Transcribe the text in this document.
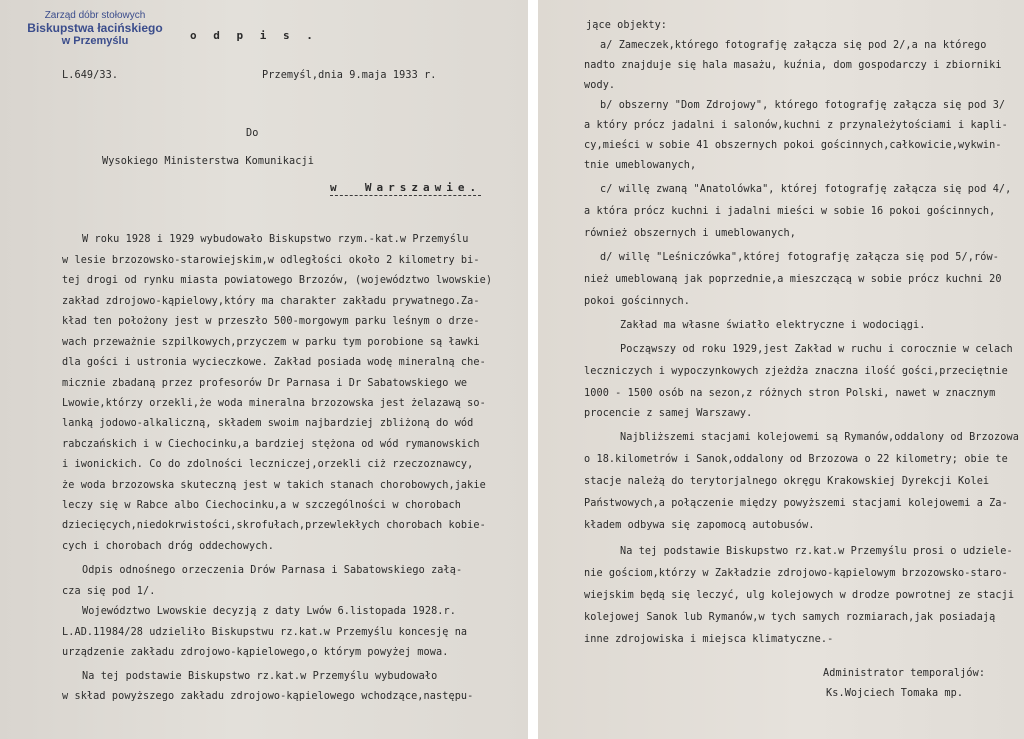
Zarząd dóbr stołowych
Biskupstwa łacińskiego
w Przemyślu	o d p i s .
L.649/33.	Przemyśl,dnia 9.maja 1933 r.
Do
Wysokiego Ministerstwa Komunikacji
w  Warszawie.
W roku 1928 i 1929 wybudowało Biskupstwo rzym.-kat.w Przemyślu
w lesie brzozowsko-starowiejskim,w odległości około 2 kilometry bi-
tej drogi od rynku miasta powiatowego Brzozów, (województwo lwowskie)
zakład zdrojowo-kąpielowy,który ma charakter zakładu prywatnego.Za-
kład ten położony jest w przeszło 500-morgowym parku leśnym o drze-
wach przeważnie szpilkowych,przyczem w parku tym porobione są ławki
dla gości i ustronia wycieczkowe. Zakład posiada wodę mineralną che-
micznie zbadaną przez profesorów Dr Parnasa i Dr Sabatowskiego we
Lwowie,którzy orzekli,że woda mineralna brzozowska jest żelazawą so-
lanką jodowo-alkaliczną, składem swoim najbardziej zbliżoną do wód
rabczańskich i w Ciechocinku,a bardziej stężona od wód rymanowskich
i iwonickich. Co do zdolności leczniczej,orzekli ciż rzeczoznawcy,
że woda brzozowska skuteczną jest w takich stanach chorobowych,jakie
leczy się w Rabce albo Ciechocinku,a w szczególności w chorobach
dziecięcych,niedokrwistości,skrofułach,przewlekłych chorobach kobie-
cych i chorobach dróg oddechowych.
Odpis odnośnego orzeczenia Drów Parnasa i Sabatowskiego załą-
cza się pod 1/.
Województwo Lwowskie decyzją z daty Lwów 6.listopada 1928.r.
L.AD.11984/28 udzieliło Biskupstwu rz.kat.w Przemyślu koncesję na
urządzenie zakładu zdrojowo-kąpielowego,o którym powyżej mowa.
Na tej podstawie Biskupstwo rz.kat.w Przemyślu wybudowało
w skład powyższego zakładu zdrojowo-kąpielowego wchodzące,następu-
jące objekty:
a/ Zameczek,którego fotografję załącza się pod 2/,a na którego
nadto znajduje się hala masażu, kuźnia, dom gospodarczy i zbiorniki
wody.
b/ obszerny "Dom Zdrojowy", którego fotografję załącza się pod 3/
a który prócz jadalni i salonów,kuchni z przynależytościami i kapli-
cy,mieści w sobie 41 obszernych pokoi gościnnych,całkowicie,wykwin-
tnie umeblowanych,
c/ willę zwaną "Anatolówka", której fotografję załącza się pod 4/,
a która prócz kuchni i jadalni mieści w sobie 16 pokoi gościnnych,
również obszernych i umeblowanych,
d/ willę "Leśniczówka",której fotografję załącza się pod 5/,rów-
nież umeblowaną jak poprzednie,a mieszczącą w sobie prócz kuchni 20
pokoi gościnnych.
Zakład ma własne światło elektryczne i wodociągi.
Począwszy od roku 1929,jest Zakład w ruchu i corocznie w celach
leczniczych i wypoczynkowych zjeżdża znaczna ilość gości,przeciętnie
1000 - 1500 osób na sezon,z różnych stron Polski, nawet w znacznym
procencie z samej Warszawy.
Najbliższemi stacjami kolejowemi są Rymanów,oddalony od Brzozowa
o 18.kilometrów i Sanok,oddalony od Brzozowa o 22 kilometry; obie te
stacje należą do terytorjalnego okręgu Krakowskiej Dyrekcji Kolei
Państwowych,a połączenie między powyższemi stacjami kolejowemi a Za-
kładem odbywa się zapomocą autobusów.
Na tej podstawie Biskupstwo rz.kat.w Przemyślu prosi o udziele-
nie gościom,którzy w Zakładzie zdrojowo-kąpielowym brzozowsko-staro-
wiejskim będą się leczyć, ulg kolejowych w drodze powrotnej ze stacji
kolejowej Sanok lub Rymanów,w tych samych rozmiarach,jak posiadają
inne zdrojowiska i miejsca klimatyczne.-
Administrator temporaljów:
Ks.Wojciech Tomaka mp.
